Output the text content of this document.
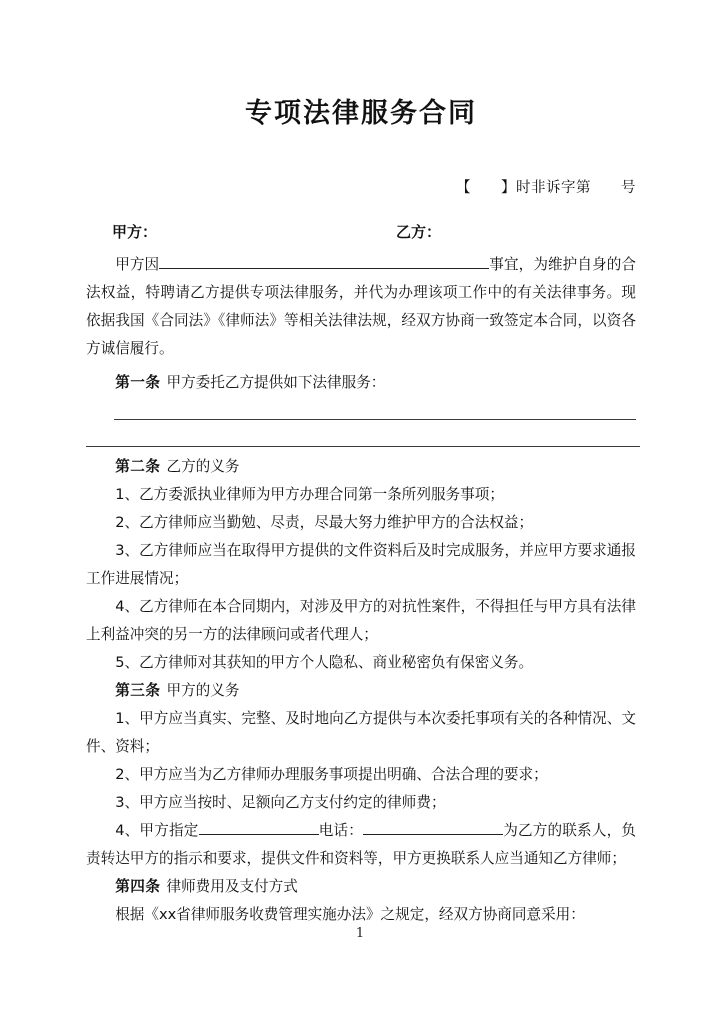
专项法律服务合同
【　　】时非诉字第　　号
甲方：	乙方：

甲方因	事宜，为维护自身的合法权益，特聘请乙方提供专项法律服务，并代为办理该项工作中的有关法律事务。现依据我国《合同法》《律师法》等相关法律法规，经双方协商一致签定本合同，以资各方诚信履行。

第一条 甲方委托乙方提供如下法律服务：

第二条 乙方的义务

1、乙方委派执业律师为甲方办理合同第一条所列服务事项；

2、乙方律师应当勤勉、尽责，尽最大努力维护甲方的合法权益；

3、乙方律师应当在取得甲方提供的文件资料后及时完成服务，并应甲方要求通报工作进展情况；

4、乙方律师在本合同期内，对涉及甲方的对抗性案件，不得担任与甲方具有法律上利益冲突的另一方的法律顾问或者代理人；

5、乙方律师对其获知的甲方个人隐私、商业秘密负有保密义务。

第三条 甲方的义务

1、甲方应当真实、完整、及时地向乙方提供与本次委托事项有关的各种情况、文件、资料；

2、甲方应当为乙方律师办理服务事项提出明确、合法合理的要求；

3、甲方应当按时、足额向乙方支付约定的律师费；

4、甲方指定	电话：	为乙方的联系人，负责转达甲方的指示和要求，提供文件和资料等，甲方更换联系人应当通知乙方律师；

第四条 律师费用及支付方式

根据《xx省律师服务收费管理实施办法》之规定，经双方协商同意采用：

1
